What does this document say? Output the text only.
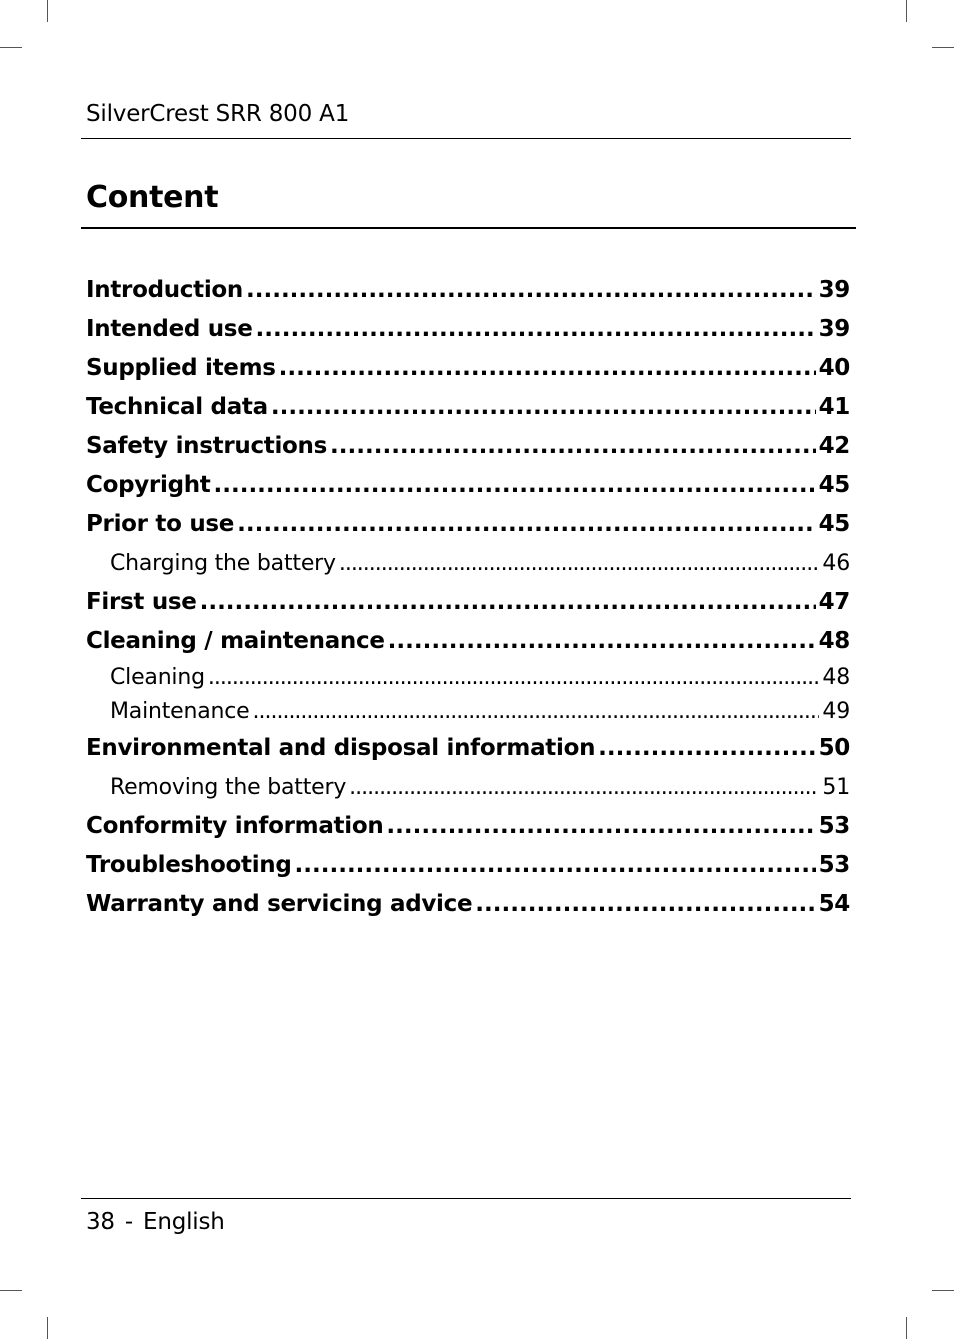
SilverCrest SRR 800 A1
Content
Introduction .....	39
Intended use .....	39
Supplied items .....	40
Technical data .....	41
Safety instructions .....	42
Copyright .....	45
Prior to use .....	45
Charging the battery .....	46
First use .....	47
Cleaning / maintenance .....	48
Cleaning .....	48
Maintenance .....	49
Environmental and disposal information .....	50
Removing the battery .....	51
Conformity information .....	53
Troubleshooting .....	53
Warranty and servicing advice .....	54
38 - English
